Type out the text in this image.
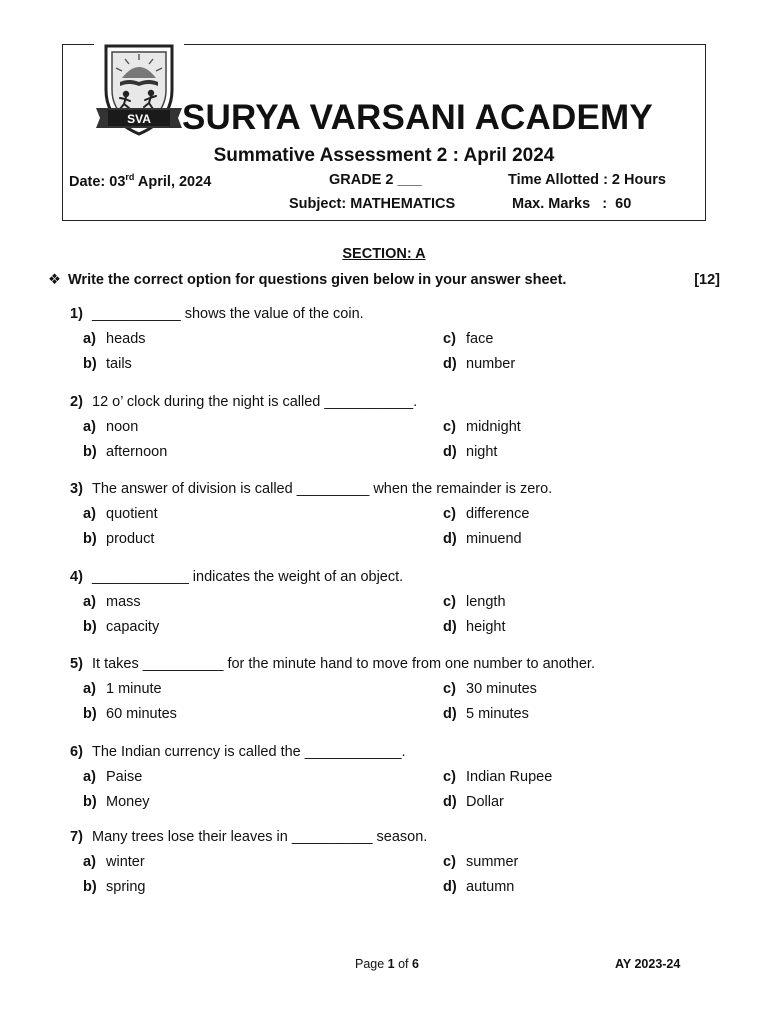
SVA SURYA VARSANI ACADEMY
Summative Assessment 2 : April 2024
Date: 03rd April, 2024	GRADE 2 ___	Time Allotted : 2 Hours
Subject: MATHEMATICS	Max. Marks   :  60
SECTION: A
❖ Write the correct option for questions given below in your answer sheet.	[12]
1) ___________ shows the value of the coin.
a) heads
b) tails
c) face
d) number
2) 12 o’ clock during the night is called ___________.
a) noon
b) afternoon
c) midnight
d) night
3) The answer of division is called _________ when the remainder is zero.
a) quotient
b) product
c) difference
d) minuend
4) ____________ indicates the weight of an object.
a) mass
b) capacity
c) length
d) height
5) It takes __________ for the minute hand to move from one number to another.
a) 1 minute
b) 60 minutes
c) 30 minutes
d) 5 minutes
6) The Indian currency is called the ____________.
a) Paise
b) Money
c) Indian Rupee
d) Dollar
7) Many trees lose their leaves in __________ season.
a) winter
b) spring
c) summer
d) autumn
Page 1 of 6	AY 2023-24
